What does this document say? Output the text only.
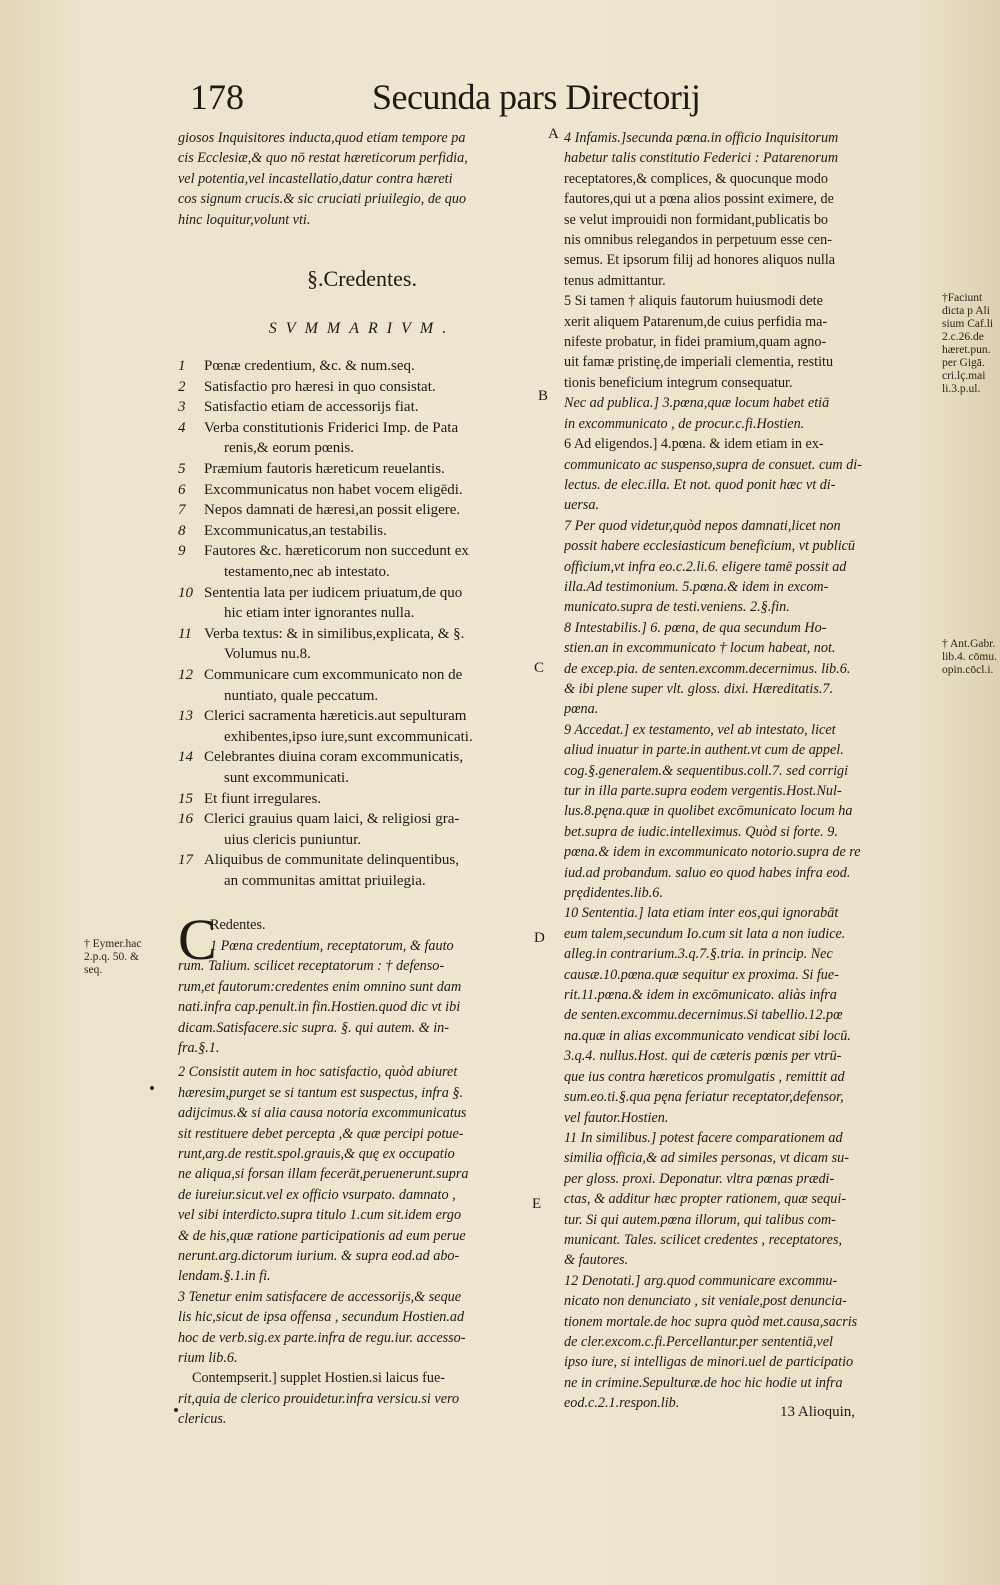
178	Secunda pars Directorij
A
B
C
D
E
giosos Inquisitores inducta,quod etiam tempore pa
cis Ecclesiæ,& quo nō restat hæreticorum perfidia,
vel potentia,vel incastellatio,datur contra hæreti
cos signum crucis.& sic cruciati priuilegio, de quo
hinc loquitur,volunt vti.
§.Credentes.
SVMMARIVM.
1	Pœnæ credentium, &c. & num.seq.
2	Satisfactio pro hæresi in quo consistat.
3	Satisfactio etiam de accessorijs fiat.
4	Verba constitutionis Friderici Imp. de Pata
renis,& eorum pœnis.
5	Præmium fautoris hæreticum reuelantis.
6	Excommunicatus non habet vocem eligēdi.
7	Nepos damnati de hæresi,an possit eligere.
8	Excommunicatus,an testabilis.
9	Fautores &c. hæreticorum non succedunt ex
testamento,nec ab intestato.
10 Sententia lata per iudicem priuatum,de quo
hic etiam inter ignorantes nulla.
11 Verba textus: & in similibus,explicata, & §.
Volumus nu.8.
12 Communicare cum excommunicato non de
nuntiato, quale peccatum.
13 Clerici sacramenta hæreticis.aut sepulturam
exhibentes,ipso iure,sunt excommunicati.
14 Celebrantes diuina coram excommunicatis,
sunt excommunicati.
15 Et fiunt irregulares.
16 Clerici grauius quam laici, & religiosi gra-
uius clericis puniuntur.
17 Aliquibus de communitate delinquentibus,
an communitas amittat priuilegia.
C
Redentes.
1 Pœna credentium, receptatorum, & fauto
rum. Talium. scilicet receptatorum : † defenso-
rum,et fautorum:credentes enim omnino sunt dam
nati.infra cap.penult.in fin.Hostien.quod dic vt ibi
dicam.Satisfacere.sic supra. §. qui autem. & in-
fra.§.1.
2 Consistit autem in hoc satisfactio, quòd abiuret
hæresim,purget se si tantum est suspectus, infra §.
adijcimus.& si alia causa notoria excommunicatus
sit restituere debet percepta ,& quæ percipi potue-
runt,arg.de restit.spol.grauis,& quę ex occupatio
ne aliqua,si forsan illam fecerāt,peruenerunt.supra
de iureiur.sicut.vel ex officio vsurpato. damnato ,
vel sibi interdicto.supra titulo 1.cum sit.idem ergo
& de his,quæ ratione participationis ad eum perue
nerunt.arg.dictorum iurium. & supra eod.ad abo-
lendam.§.1.in fi.
3 Tenetur enim satisfacere de accessorijs,& seque
lis hic,sicut de ipsa offensa , secundum Hostien.ad
hoc de verb.sig.ex parte.infra de regu.iur. accesso-
rium lib.6.
Contempserit.] supplet Hostien.si laicus fue-
rit,quia de clerico prouidetur.infra versicu.si vero
clericus.
4 Infamis.]secunda pœna.in officio Inquisitorum
habetur talis constitutio Federici : Patarenorum
receptatores,& complices, & quocunque modo
fautores,qui ut a pœna alios possint eximere, de
se velut improuidi non formidant,publicatis bo
nis omnibus relegandos in perpetuum esse cen-
semus. Et ipsorum filij ad honores aliquos nulla
tenus admittantur.
5 Si tamen † aliquis fautorum huiusmodi dete
xerit aliquem Patarenum,de cuius perfidia ma-
nifeste probatur, in fidei pramium,quam agno-
uit famæ pristinę,de imperiali clementia, restitu
tionis beneficium integrum consequatur.
Nec ad publica.] 3.pœna,quæ locum habet etiā
in excommunicato , de procur.c.fi.Hostien.
6 Ad eligendos.] 4.pœna. & idem etiam in ex-
communicato ac suspenso,supra de consuet. cum di-
lectus. de elec.illa. Et not. quod ponit hæc vt di-
uersa.
7 Per quod videtur,quòd nepos damnati,licet non
possit habere ecclesiasticum beneficium, vt publicū
officium,vt infra eo.c.2.li.6. eligere tamē possit ad
illa.Ad testimonium. 5.pœna.& idem in excom-
municato.supra de testi.veniens. 2.§.fin.
8 Intestabilis.] 6. pœna, de qua secundum Ho-
stien.an in excommunicato † locum habeat, not.
de excep.pia. de senten.excomm.decernimus. lib.6.
& ibi plene super vlt. gloss. dixi. Hæreditatis.7.
pœna.
9 Accedat.] ex testamento, vel ab intestato, licet
aliud inuatur in parte.in authent.vt cum de appel.
cog.§.generalem.& sequentibus.coll.7. sed corrigi
tur in illa parte.supra eodem vergentis.Host.Nul-
lus.8.pęna.quæ in quolibet excōmunicato locum ha
bet.supra de iudic.intelleximus. Quòd si forte. 9.
pœna.& idem in excommunicato notorio.supra de re
iud.ad probandum. saluo eo quod habes infra eod.
prędidentes.lib.6.
10 Sententia.] lata etiam inter eos,qui ignorabāt
eum talem,secundum Io.cum sit lata a non iudice.
alleg.in contrarium.3.q.7.§.tria. in princip. Nec
causæ.10.pœna.quæ sequitur ex proxima. Si fue-
rit.11.pœna.& idem in excōmunicato. aliàs infra
de senten.excommu.decernimus.Si tabellio.12.pœ
na.quæ in alias excommunicato vendicat sibi locū.
3.q.4. nullus.Host. qui de cæteris pœnis per vtrū-
que ius contra hæreticos promulgatis , remittit ad
sum.eo.ti.§.qua pęna feriatur receptator,defensor,
vel fautor.Hostien.
11 In similibus.] potest facere comparationem ad
similia officia,& ad similes personas, vt dicam su-
per gloss. proxi. Deponatur. vltra pœnas prædi-
ctas, & additur hæc propter rationem, quæ sequi-
tur. Si qui autem.pœna illorum, qui talibus com-
municant. Tales. scilicet credentes , receptatores,
& fautores.
12 Denotati.] arg.quod communicare excommu-
nicato non denunciato , sit veniale,post denuncia-
tionem mortale.de hoc supra quòd met.causa,sacris
de cler.excom.c.fi.Percellantur.per sententiā,vel
ipso iure, si intelligas de minori.uel de participatio
ne in crimine.Sepulturæ.de hoc hic hodie ut infra
eod.c.2.1.respon.lib.
†Faciunt
dicta p Ali
sium Caf.li
2.c.26.de
hæret.pun.
per Gigā.
cri.lç.mai
li.3.p.ul.
† Ant.Gabr.
lib.4. cōmu.
opin.cōcl.i.
† Eymer.hac
2.p.q. 50. &
seq.
13 Alioquin,
